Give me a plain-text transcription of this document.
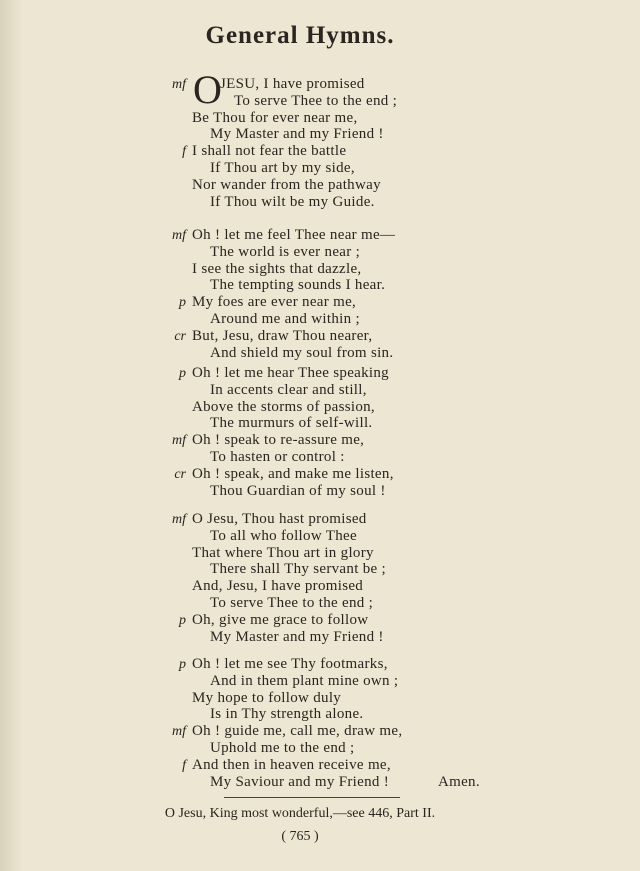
General Hymns.
O
mf JESU, I have promised
To serve Thee to the end ;
Be Thou for ever near me,
My Master and my Friend !
f I shall not fear the battle
If Thou art by my side,
Nor wander from the pathway
If Thou wilt be my Guide.
mf Oh ! let me feel Thee near me—
The world is ever near ;
I see the sights that dazzle,
The tempting sounds I hear.
p My foes are ever near me,
Around me and within ;
cr But, Jesu, draw Thou nearer,
And shield my soul from sin.
p Oh ! let me hear Thee speaking
In accents clear and still,
Above the storms of passion,
The murmurs of self-will.
mf Oh ! speak to re-assure me,
To hasten or control :
cr Oh ! speak, and make me listen,
Thou Guardian of my soul !
mf O Jesu, Thou hast promised
To all who follow Thee
That where Thou art in glory
There shall Thy servant be ;
And, Jesu, I have promised
To serve Thee to the end ;
p Oh, give me grace to follow
My Master and my Friend !
p Oh ! let me see Thy footmarks,
And in them plant mine own ;
My hope to follow duly
Is in Thy strength alone.
mf Oh ! guide me, call me, draw me,
Uphold me to the end ;
f And then in heaven receive me,
My Saviour and my Friend !	Amen.
O Jesu, King most wonderful,—see 446, Part II.
( 765 )
